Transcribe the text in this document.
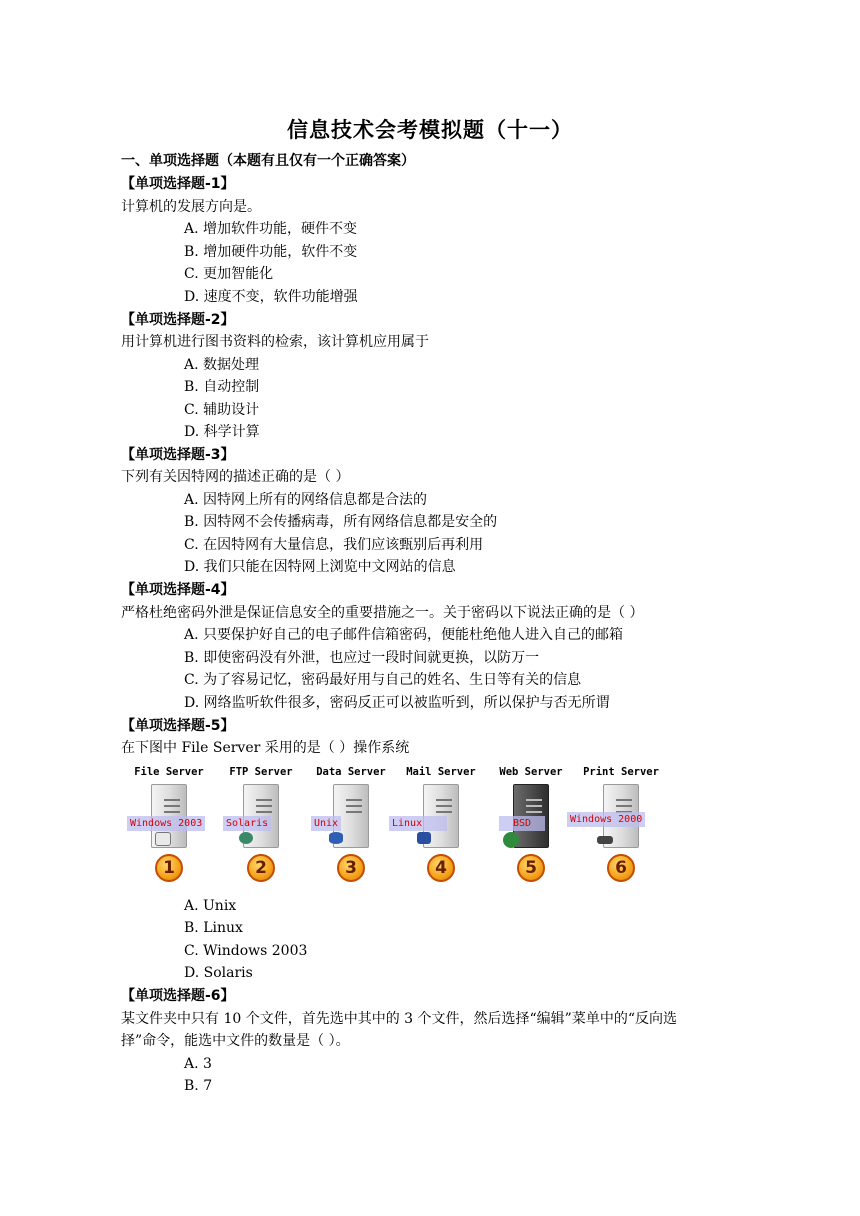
信息技术会考模拟题（十一）
一、单项选择题（本题有且仅有一个正确答案）
【单项选择题-1】
计算机的发展方向是。
A. 增加软件功能，硬件不变
B. 增加硬件功能，软件不变
C. 更加智能化
D. 速度不变，软件功能增强
【单项选择题-2】
用计算机进行图书资料的检索，该计算机应用属于
A. 数据处理
B. 自动控制
C. 辅助设计
D. 科学计算
【单项选择题-3】
下列有关因特网的描述正确的是（ ）
A. 因特网上所有的网络信息都是合法的
B. 因特网不会传播病毒，所有网络信息都是安全的
C. 在因特网有大量信息，我们应该甄别后再利用
D. 我们只能在因特网上浏览中文网站的信息
【单项选择题-4】
严格杜绝密码外泄是保证信息安全的重要措施之一。关于密码以下说法正确的是（ ）
A. 只要保护好自己的电子邮件信箱密码，便能杜绝他人进入自己的邮箱
B. 即使密码没有外泄，也应过一段时间就更换，以防万一
C. 为了容易记忆，密码最好用与自己的姓名、生日等有关的信息
D. 网络监听软件很多，密码反正可以被监听到，所以保护与否无所谓
【单项选择题-5】
在下图中 File Server 采用的是（ ）操作系统
File Server
Windows 2003
1
FTP Server
Solaris
2
Data Server
Unix
3
Mail Server
Linux
4
Web Server
BSD
5
Print Server
Windows 2000
6
A. Unix
B. Linux
C. Windows 2003
D. Solaris
【单项选择题-6】
某文件夹中只有 10 个文件，首先选中其中的 3 个文件，然后选择“编辑”菜单中的“反向选
择”命令，能选中文件的数量是（ ）。
A. 3
B. 7
